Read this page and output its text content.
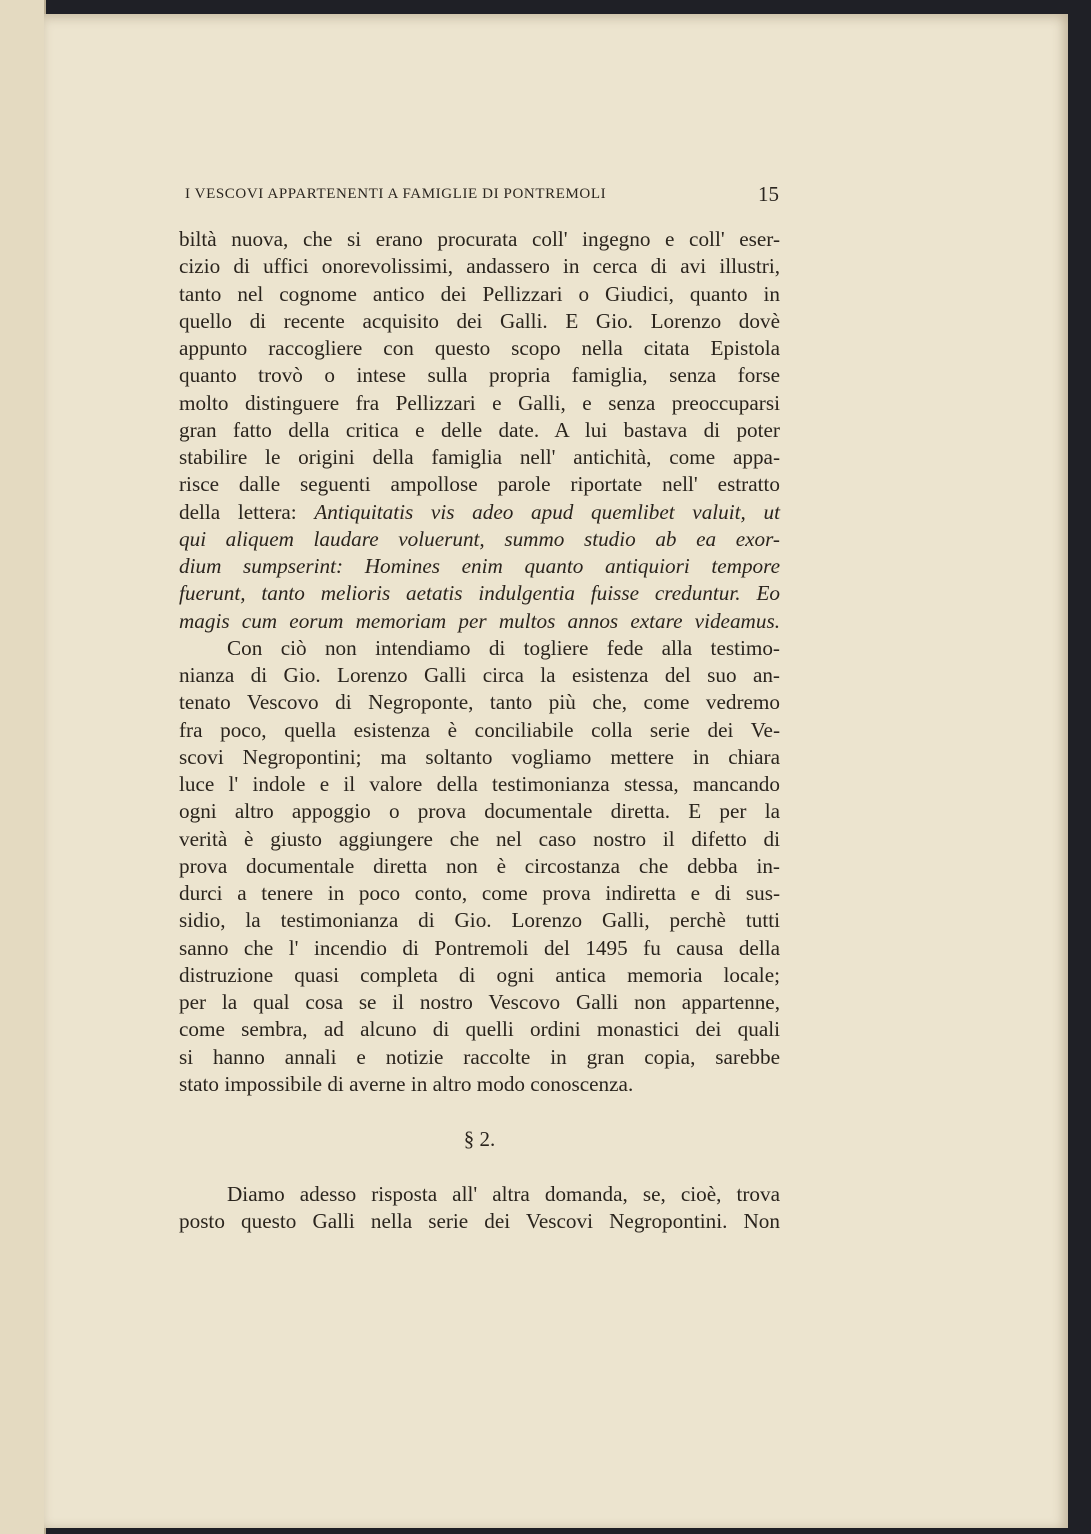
I VESCOVI APPARTENENTI A FAMIGLIE DI PONTREMOLI	15
biltà nuova, che si erano procurata coll' ingegno e coll' eser-
cizio di uffici onorevolissimi, andassero in cerca di avi illustri,
tanto nel cognome antico dei Pellizzari o Giudici, quanto in
quello di recente acquisito dei Galli. E Gio. Lorenzo dovè
appunto raccogliere con questo scopo nella citata Epistola
quanto trovò o intese sulla propria famiglia, senza forse
molto distinguere fra Pellizzari e Galli, e senza preoccuparsi
gran fatto della critica e delle date. A lui bastava di poter
stabilire le origini della famiglia nell' antichità, come appa-
risce dalle seguenti ampollose parole riportate nell' estratto
della lettera: Antiquitatis vis adeo apud quemlibet valuit, ut
qui aliquem laudare voluerunt, summo studio ab ea exor-
dium sumpserint: Homines enim quanto antiquiori tempore
fuerunt, tanto melioris aetatis indulgentia fuisse creduntur. Eo
magis cum eorum memoriam per multos annos extare videamus.
Con ciò non intendiamo di togliere fede alla testimo-
nianza di Gio. Lorenzo Galli circa la esistenza del suo an-
tenato Vescovo di Negroponte, tanto più che, come vedremo
fra poco, quella esistenza è conciliabile colla serie dei Ve-
scovi Negropontini; ma soltanto vogliamo mettere in chiara
luce l' indole e il valore della testimonianza stessa, mancando
ogni altro appoggio o prova documentale diretta. E per la
verità è giusto aggiungere che nel caso nostro il difetto di
prova documentale diretta non è circostanza che debba in-
durci a tenere in poco conto, come prova indiretta e di sus-
sidio, la testimonianza di Gio. Lorenzo Galli, perchè tutti
sanno che l' incendio di Pontremoli del 1495 fu causa della
distruzione quasi completa di ogni antica memoria locale;
per la qual cosa se il nostro Vescovo Galli non appartenne,
come sembra, ad alcuno di quelli ordini monastici dei quali
si hanno annali e notizie raccolte in gran copia, sarebbe
stato impossibile di averne in altro modo conoscenza.
§ 2.
Diamo adesso risposta all' altra domanda, se, cioè, trova
posto questo Galli nella serie dei Vescovi Negropontini. Non
